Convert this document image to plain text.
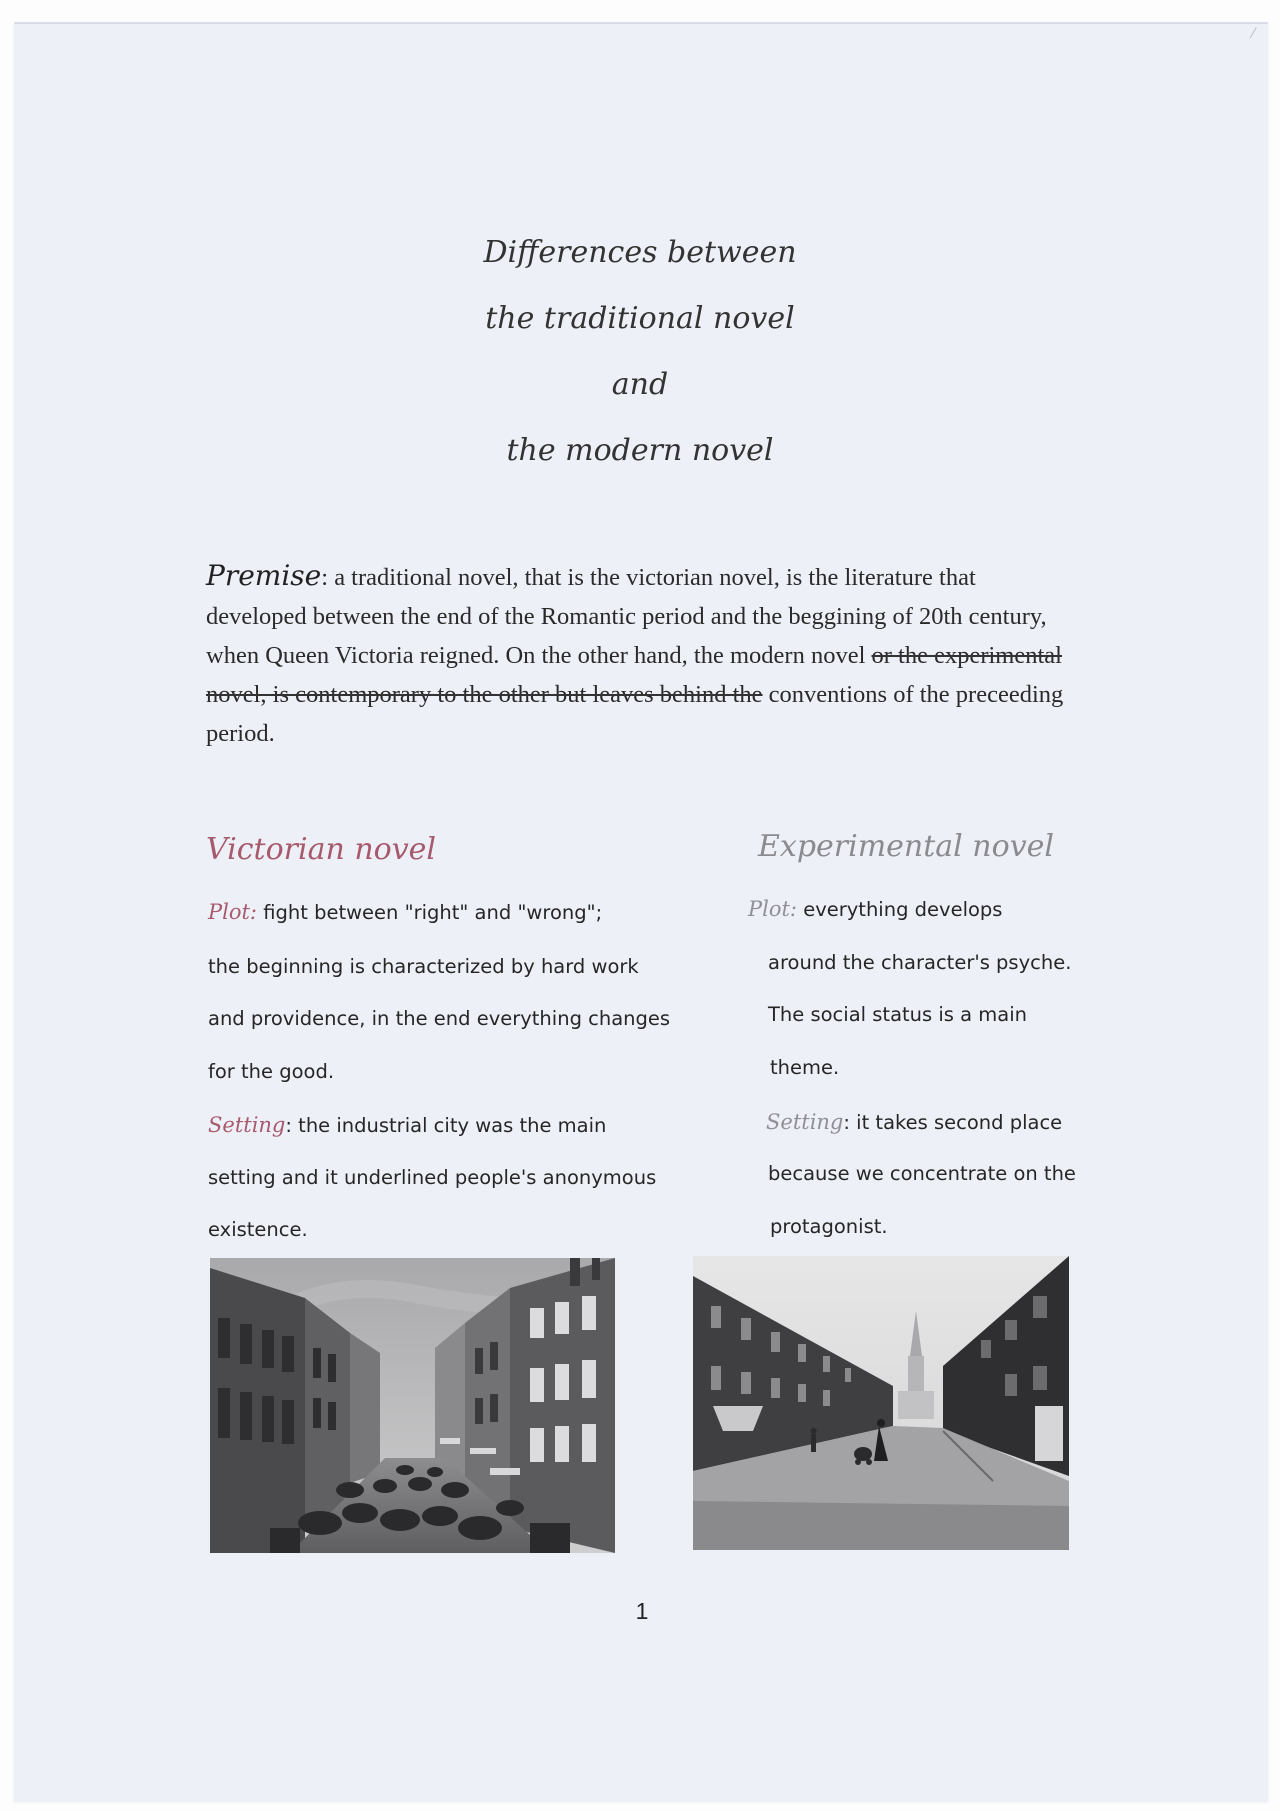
⁄
Differences between
the traditional novel
and
the modern novel
Premise: a traditional novel, that is the victorian novel, is the literature that developed between the end of the Romantic period and the beggining of 20th century, when Queen Victoria reigned. On the other hand, the modern novel or the experimental novel, is contemporary to the other but leaves behind the conventions of the preceeding period.
Victorian novel	Experimental novel
Plot: fight between "right" and "wrong";
the beginning is characterized by hard work
and providence, in the end everything changes
for the good.
Setting: the industrial city was the main
setting and it underlined people's anonymous
existence.
Plot: everything develops
around the character's psyche.
The social status is a main
theme.
Setting: it takes second place
because we concentrate on the
protagonist.
1
